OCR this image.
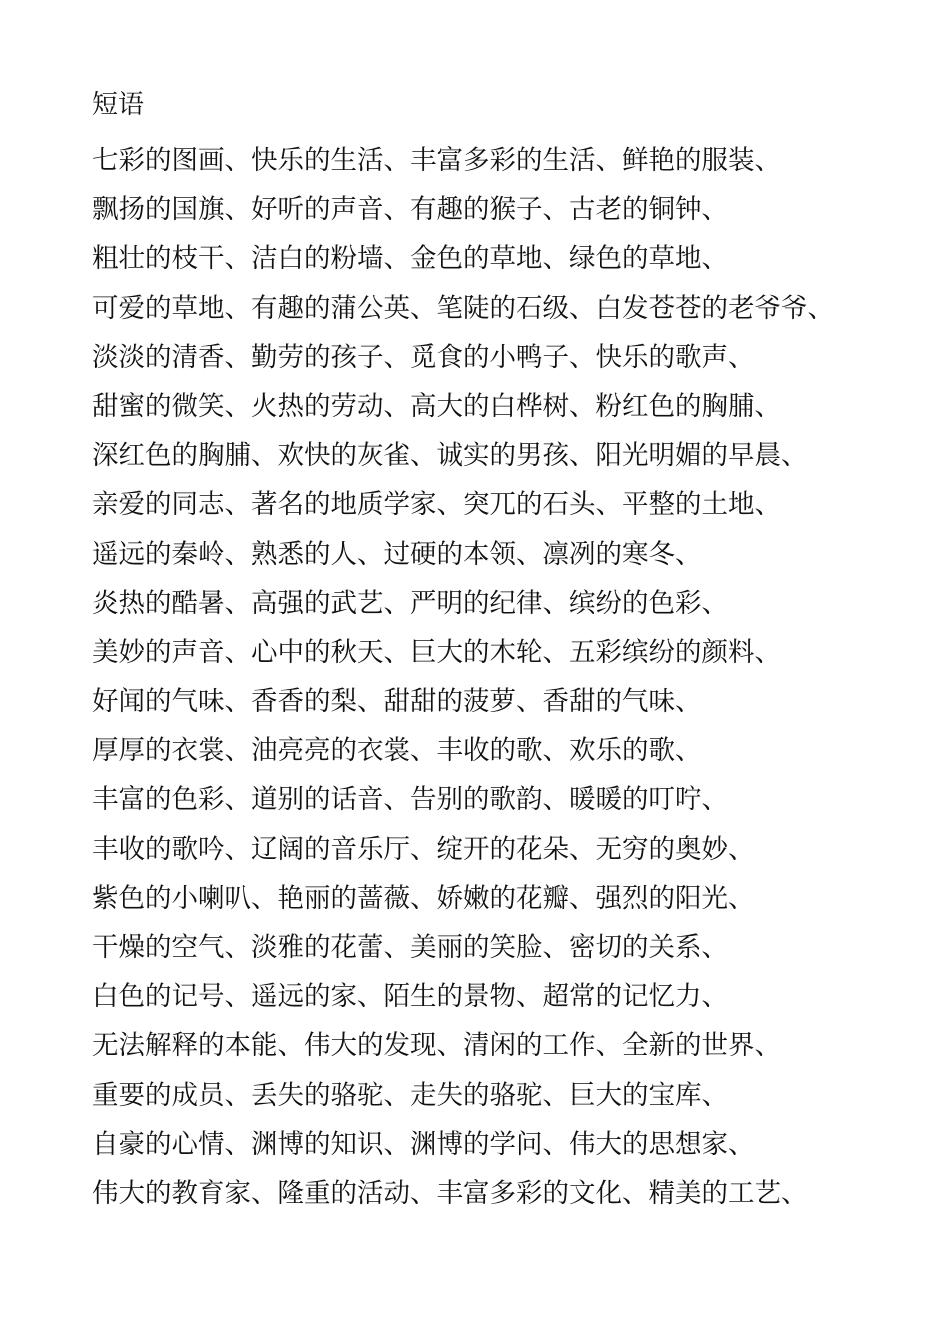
短语
七彩的图画、快乐的生活、丰富多彩的生活、鲜艳的服装、
飘扬的国旗、好听的声音、有趣的猴子、古老的铜钟、
粗壮的枝干、洁白的粉墙、金色的草地、绿色的草地、
可爱的草地、有趣的蒲公英、笔陡的石级、白发苍苍的老爷爷、
淡淡的清香、勤劳的孩子、觅食的小鸭子、快乐的歌声、
甜蜜的微笑、火热的劳动、高大的白桦树、粉红色的胸脯、
深红色的胸脯、欢快的灰雀、诚实的男孩、阳光明媚的早晨、
亲爱的同志、著名的地质学家、突兀的石头、平整的土地、
遥远的秦岭、熟悉的人、过硬的本领、凛冽的寒冬、
炎热的酷暑、高强的武艺、严明的纪律、缤纷的色彩、
美妙的声音、心中的秋天、巨大的木轮、五彩缤纷的颜料、
好闻的气味、香香的梨、甜甜的菠萝、香甜的气味、
厚厚的衣裳、油亮亮的衣裳、丰收的歌、欢乐的歌、
丰富的色彩、道别的话音、告别的歌韵、暖暖的叮咛、
丰收的歌吟、辽阔的音乐厅、绽开的花朵、无穷的奥妙、
紫色的小喇叭、艳丽的蔷薇、娇嫩的花瓣、强烈的阳光、
干燥的空气、淡雅的花蕾、美丽的笑脸、密切的关系、
白色的记号、遥远的家、陌生的景物、超常的记忆力、
无法解释的本能、伟大的发现、清闲的工作、全新的世界、
重要的成员、丢失的骆驼、走失的骆驼、巨大的宝库、
自豪的心情、渊博的知识、渊博的学问、伟大的思想家、
伟大的教育家、隆重的活动、丰富多彩的文化、精美的工艺、
